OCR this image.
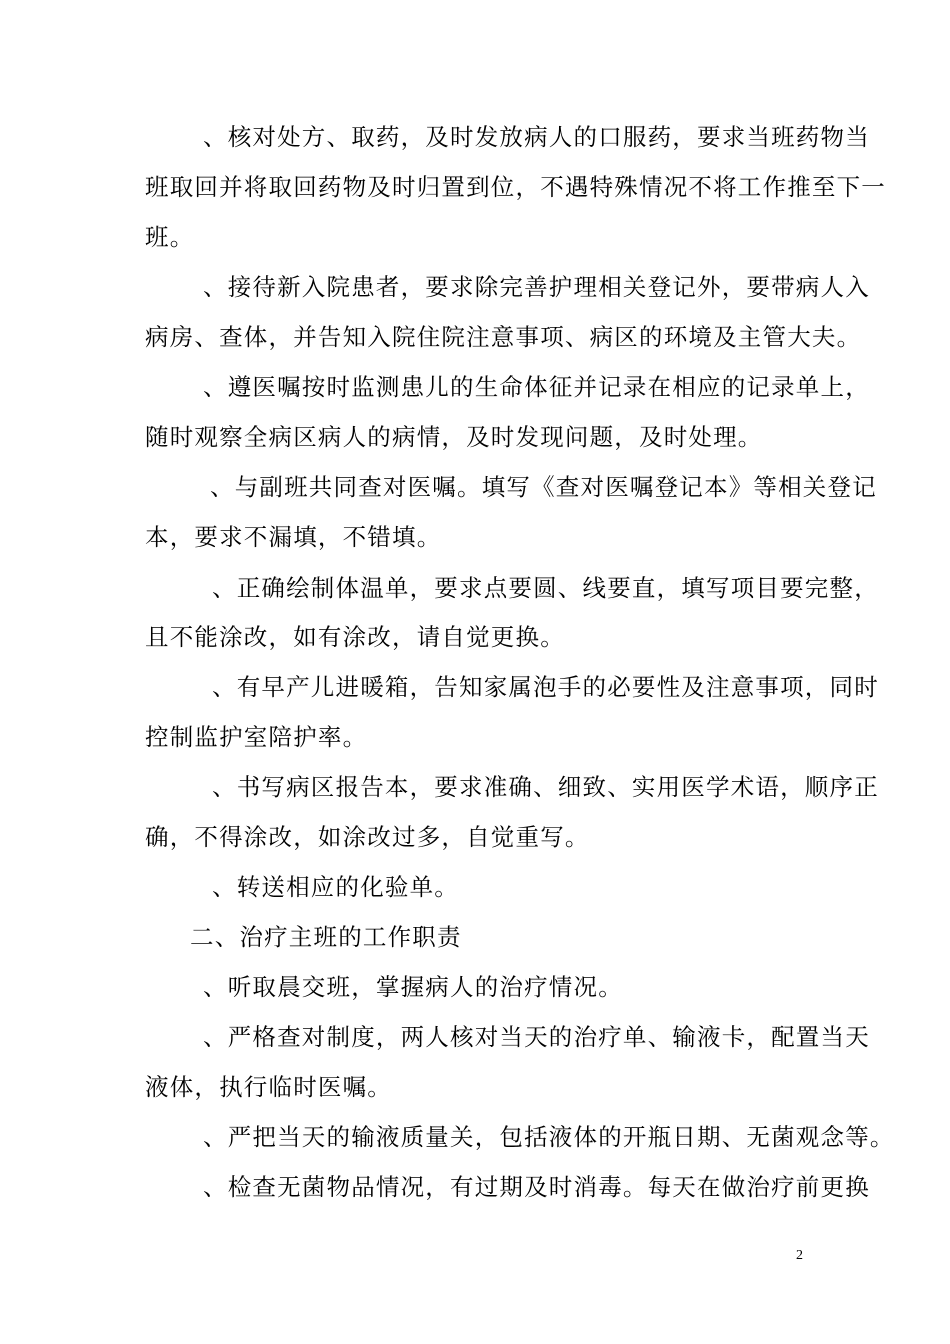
、核对处方、取药，及时发放病人的口服药，要求当班药物当
班取回并将取回药物及时归置到位，不遇特殊情况不将工作推至下一
班。
、接待新入院患者，要求除完善护理相关登记外，要带病人入
病房、查体，并告知入院住院注意事项、病区的环境及主管大夫。
、遵医嘱按时监测患儿的生命体征并记录在相应的记录单上，
随时观察全病区病人的病情，及时发现问题，及时处理。
、与副班共同查对医嘱。填写《查对医嘱登记本》等相关登记
本，要求不漏填，不错填。
、正确绘制体温单，要求点要圆、线要直，填写项目要完整，
且不能涂改，如有涂改，请自觉更换。
、有早产儿进暖箱，告知家属泡手的必要性及注意事项，同时
控制监护室陪护率。
、书写病区报告本，要求准确、细致、实用医学术语，顺序正
确，不得涂改，如涂改过多，自觉重写。
、转送相应的化验单。
二、治疗主班的工作职责
、听取晨交班，掌握病人的治疗情况。
、严格查对制度，两人核对当天的治疗单、输液卡，配置当天
液体，执行临时医嘱。
、严把当天的输液质量关，包括液体的开瓶日期、无菌观念等。
、检查无菌物品情况，有过期及时消毒。每天在做治疗前更换
2
